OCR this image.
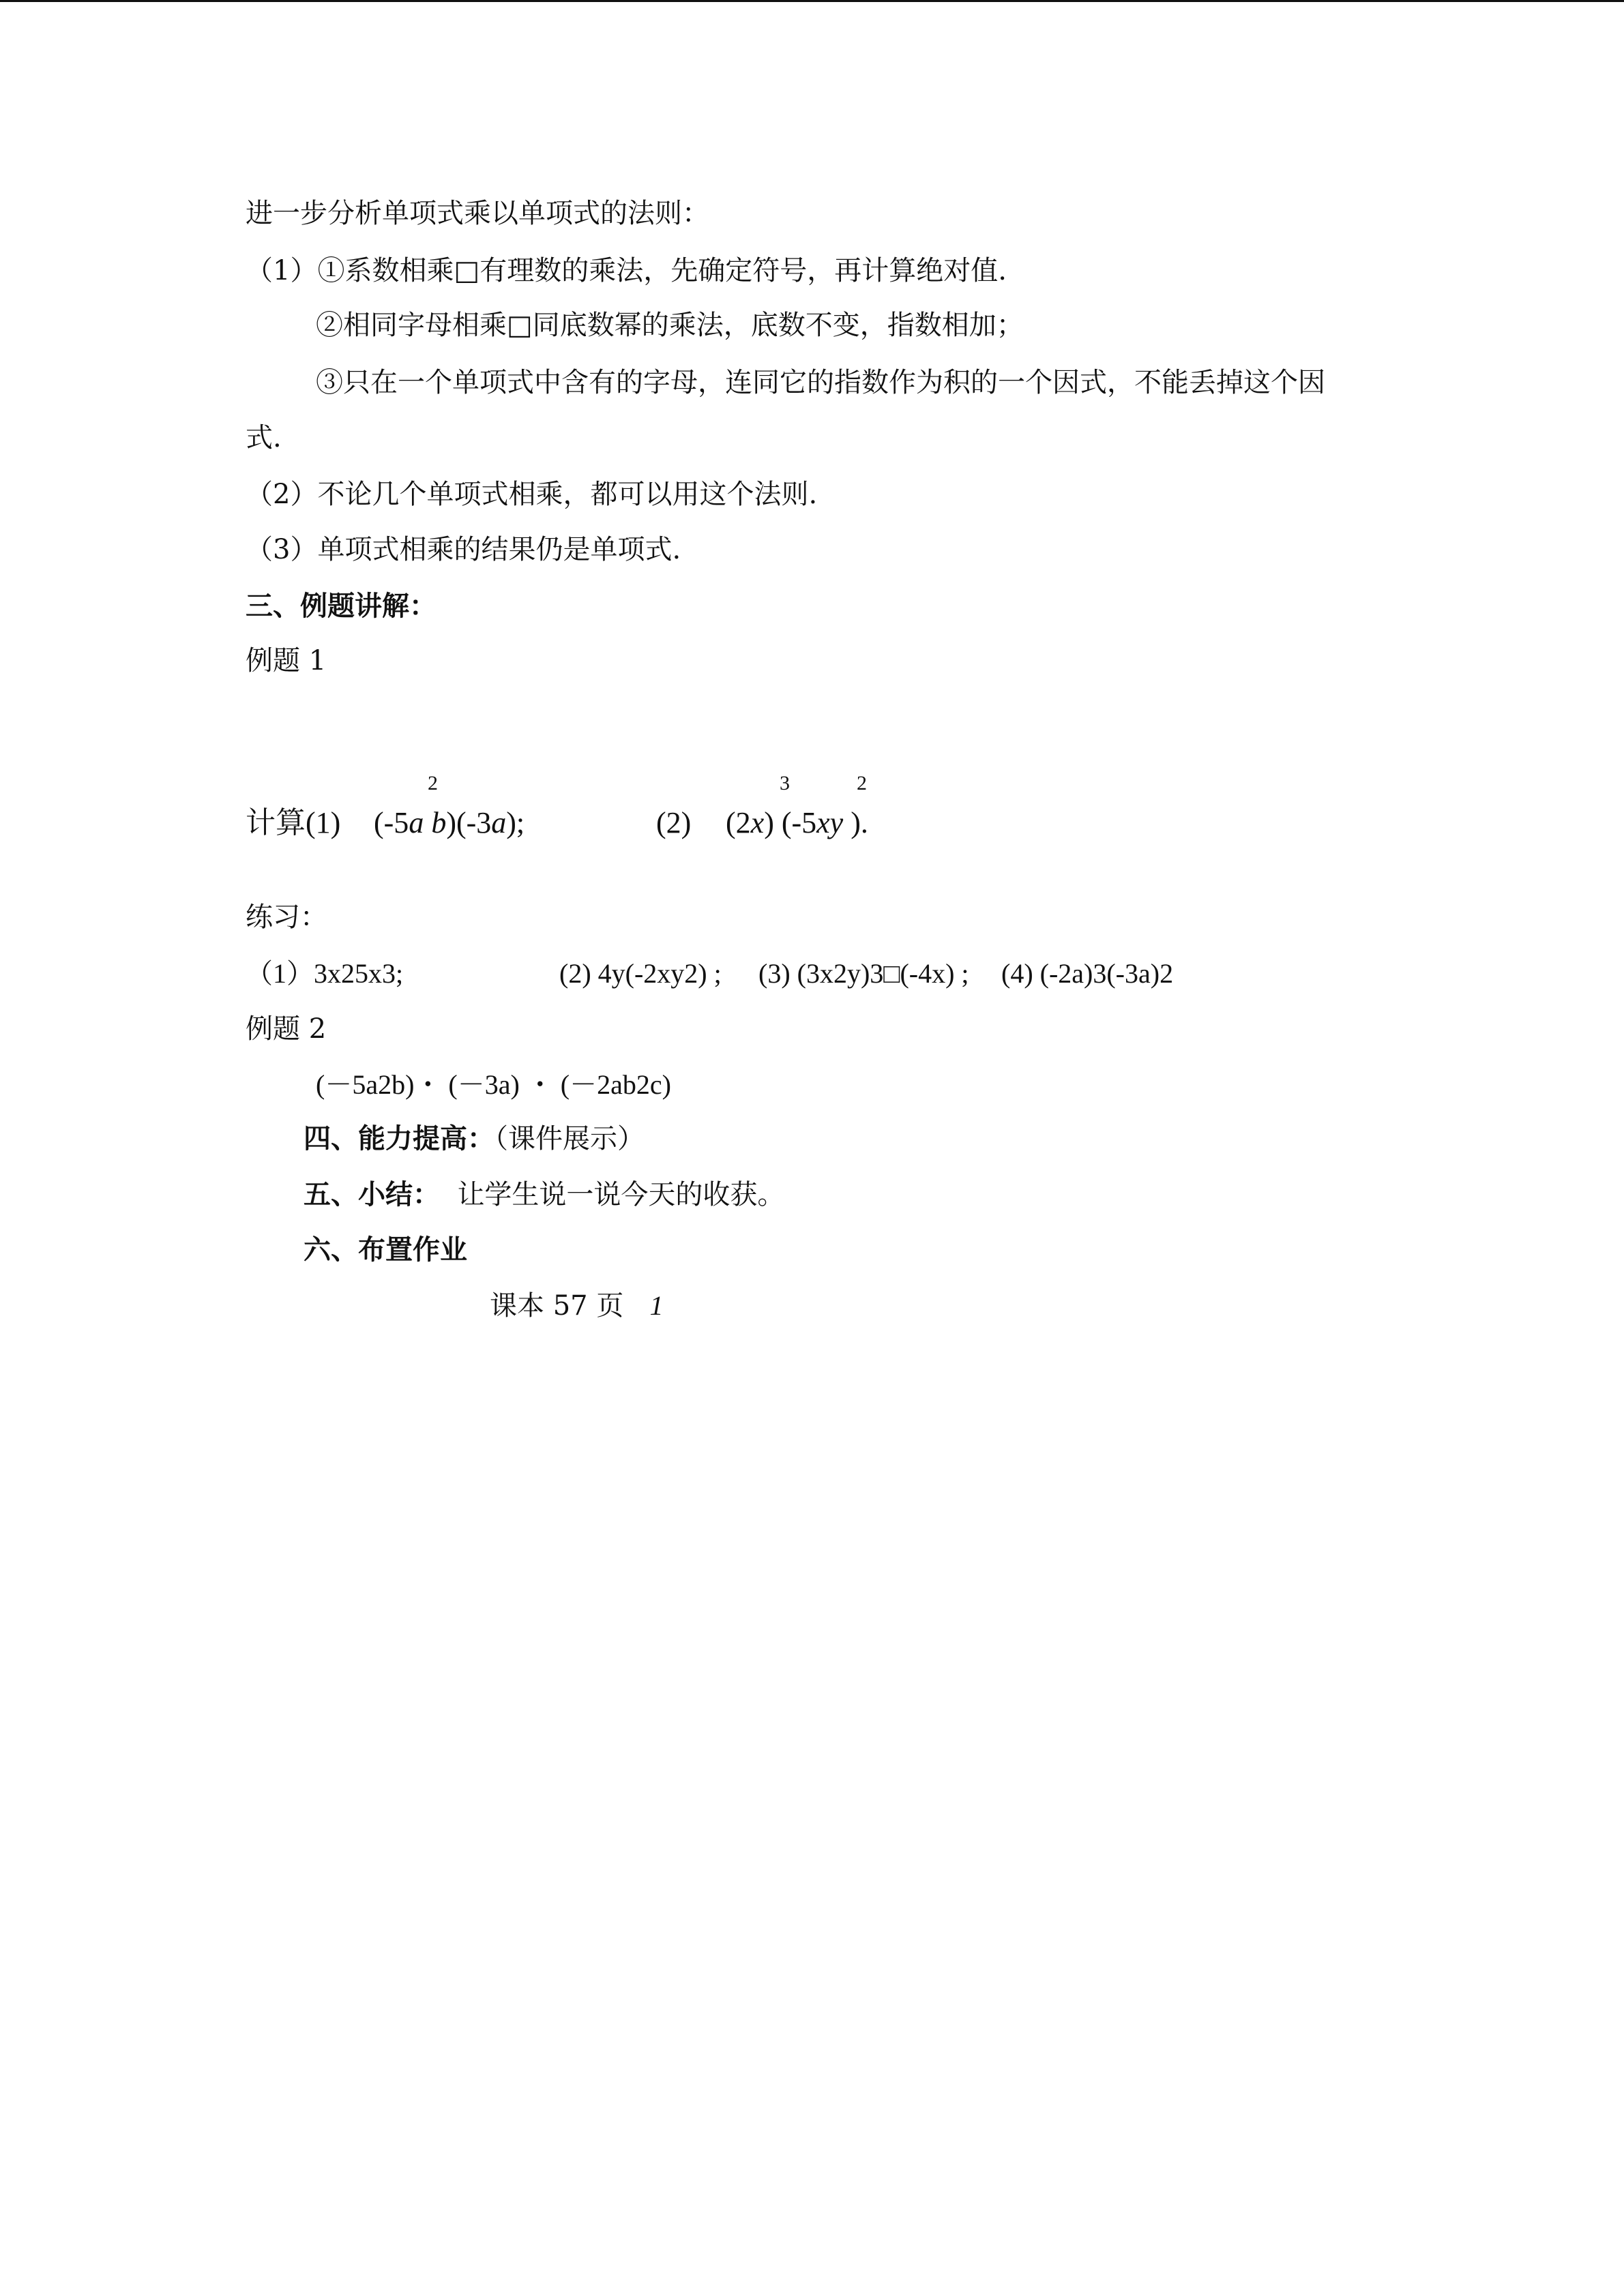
进一步分析单项式乘以单项式的法则：
（1）①系数相乘□有理数的乘法，先确定符号，再计算绝对值.
②相同字母相乘□同底数幂的乘法，底数不变，指数相加；
③只在一个单项式中含有的字母，连同它的指数作为积的一个因式，不能丢掉这个因
式.
（2）不论几个单项式相乘，都可以用这个法则.
（3）单项式相乘的结果仍是单项式.
三、例题讲解：
例题 1
计算(1) (-5a b)(-3a);
2
(2) (2x) (-5xy ).
3	2
练习：
（1）3x25x3;	(2) 4y(-2xy2) ; (3) (3x2y)3□(-4x) ; (4) (-2a)3(-3a)2
例题 2
(－5a2b)・ (－3a) ・ (－2ab2c)
四、能力提高：（课件展示）
五、小结： 让学生说一说今天的收获。
六、布置作业
课本 57 页 1
